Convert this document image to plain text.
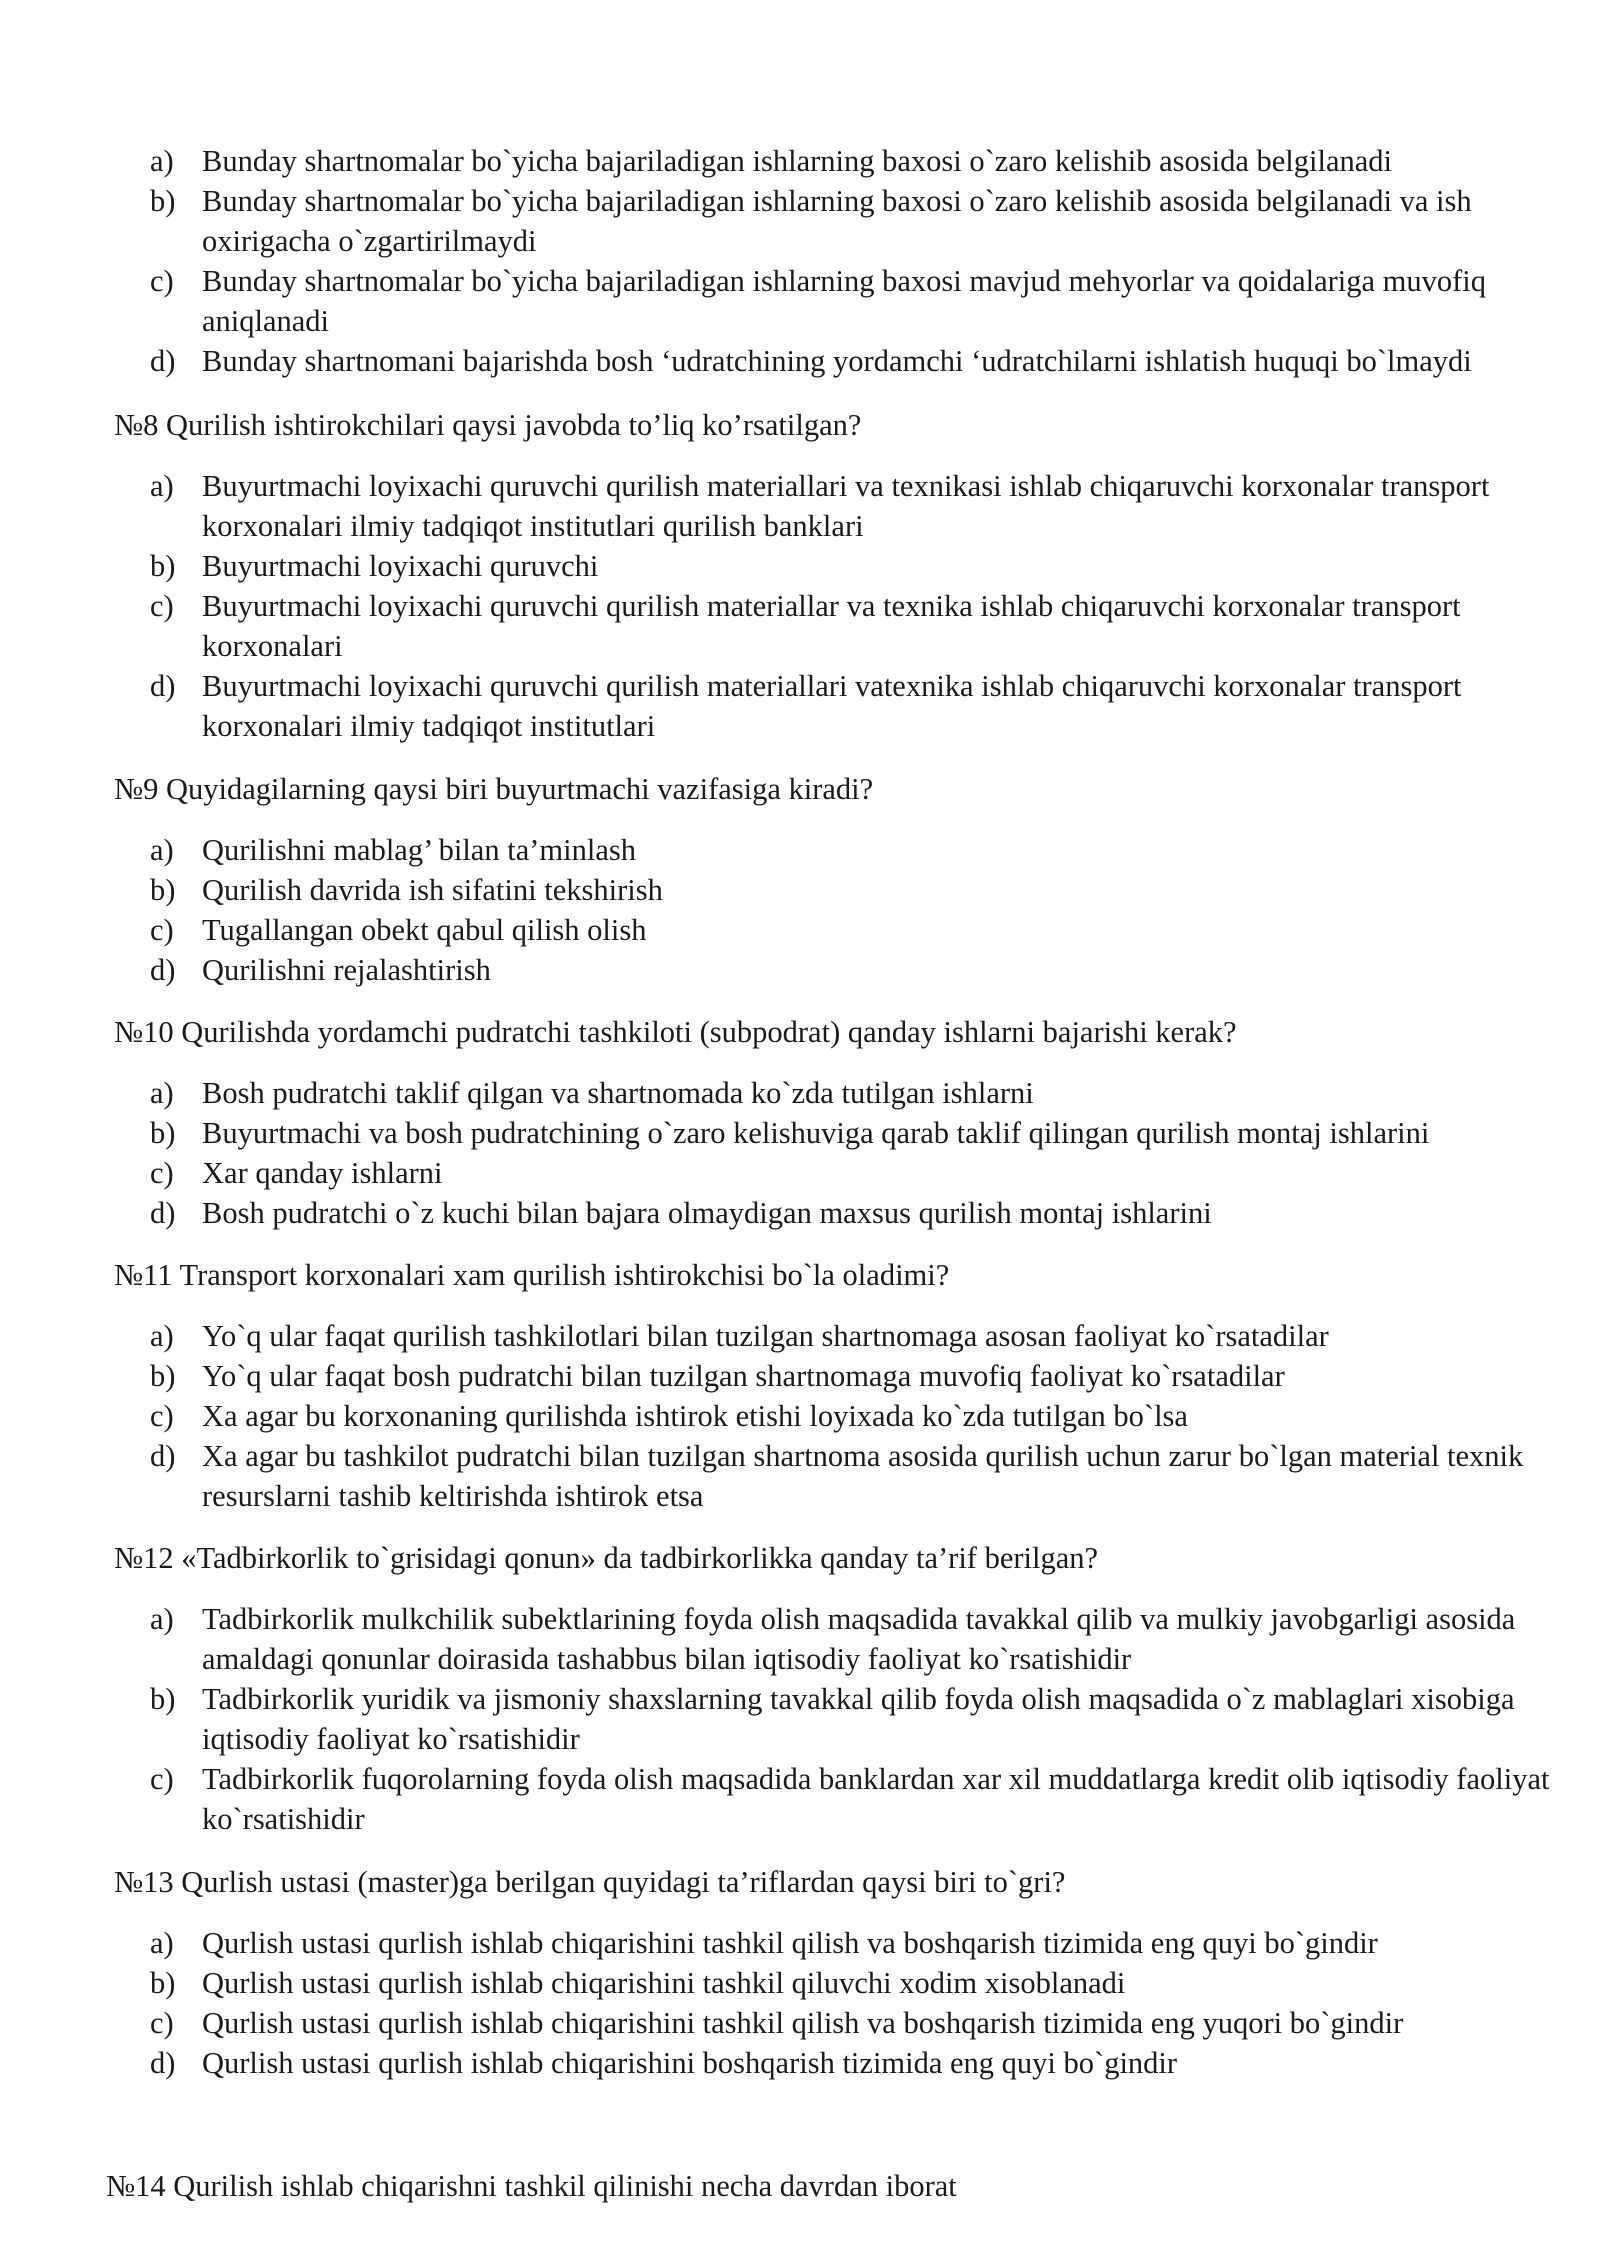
a) Bunday shartnomalar bo`yicha bajariladigan ishlarning baxosi o`zaro kelishib asosida belgilanadi
b) Bunday shartnomalar bo`yicha bajariladigan ishlarning baxosi o`zaro kelishib asosida belgilanadi va ish oxirigacha o`zgartirilmaydi
c) Bunday shartnomalar bo`yicha bajariladigan ishlarning baxosi mavjud mehyorlar va qoidalariga muvofiq aniqlanadi
d) Bunday shartnomani bajarishda bosh ‘udratchining yordamchi ‘udratchilarni ishlatish huquqi bo`lmaydi

№8 Qurilish ishtirokchilari qaysi javobda to’liq ko’rsatilgan?

a) Buyurtmachi loyixachi quruvchi qurilish materiallari va texnikasi ishlab chiqaruvchi korxonalar transport korxonalari ilmiy tadqiqot institutlari qurilish banklari
b) Buyurtmachi loyixachi quruvchi
c) Buyurtmachi loyixachi quruvchi qurilish materiallar va texnika ishlab chiqaruvchi korxonalar transport korxonalari
d) Buyurtmachi loyixachi quruvchi qurilish materiallari vatexnika ishlab chiqaruvchi korxonalar transport korxonalari ilmiy tadqiqot institutlari

№9 Quyidagilarning qaysi biri buyurtmachi vazifasiga kiradi?

a) Qurilishni mablag’ bilan ta’minlash
b) Qurilish davrida ish sifatini tekshirish
c) Tugallangan obekt qabul qilish olish
d) Qurilishni rejalashtirish

№10 Qurilishda yordamchi pudratchi tashkiloti (subpodrat) qanday ishlarni bajarishi kerak?

a) Bosh pudratchi taklif qilgan va shartnomada ko`zda tutilgan ishlarni
b) Buyurtmachi va bosh pudratchining o`zaro kelishuviga qarab taklif qilingan qurilish montaj ishlarini
c) Xar qanday ishlarni
d) Bosh pudratchi o`z kuchi bilan bajara olmaydigan maxsus qurilish montaj ishlarini

№11 Transport korxonalari xam qurilish ishtirokchisi bo`la oladimi?

a) Yo`q ular faqat qurilish tashkilotlari bilan tuzilgan shartnomaga asosan faoliyat ko`rsatadilar
b) Yo`q ular faqat bosh pudratchi bilan tuzilgan shartnomaga muvofiq faoliyat ko`rsatadilar
c) Xa agar bu korxonaning qurilishda ishtirok etishi loyixada ko`zda tutilgan bo`lsa
d) Xa agar bu tashkilot pudratchi bilan tuzilgan shartnoma asosida qurilish uchun zarur bo`lgan material texnik resurslarni tashib keltirishda ishtirok etsa

№12 «Tadbirkorlik to`grisidagi qonun» da tadbirkorlikka qanday ta’rif berilgan?

a) Tadbirkorlik mulkchilik subektlarining foyda olish maqsadida tavakkal qilib va mulkiy javobgarligi asosida amaldagi qonunlar doirasida tashabbus bilan iqtisodiy faoliyat ko`rsatishidir
b) Tadbirkorlik yuridik va jismoniy shaxslarning tavakkal qilib foyda olish maqsadida o`z mablaglari xisobiga iqtisodiy faoliyat ko`rsatishidir
c) Tadbirkorlik fuqorolarning foyda olish maqsadida banklardan xar xil muddatlarga kredit olib iqtisodiy faoliyat ko`rsatishidir

№13 Qurlish ustasi (master)ga berilgan quyidagi ta’riflardan qaysi biri to`gri?

a) Qurlish ustasi qurlish ishlab chiqarishini tashkil qilish va boshqarish tizimida eng quyi bo`gindir
b) Qurlish ustasi qurlish ishlab chiqarishini tashkil qiluvchi xodim xisoblanadi
c) Qurlish ustasi qurlish ishlab chiqarishini tashkil qilish va boshqarish tizimida eng yuqori bo`gindir
d) Qurlish ustasi qurlish ishlab chiqarishini boshqarish tizimida eng quyi bo`gindir

№14 Qurilish ishlab chiqarishni tashkil qilinishi necha davrdan iborat
